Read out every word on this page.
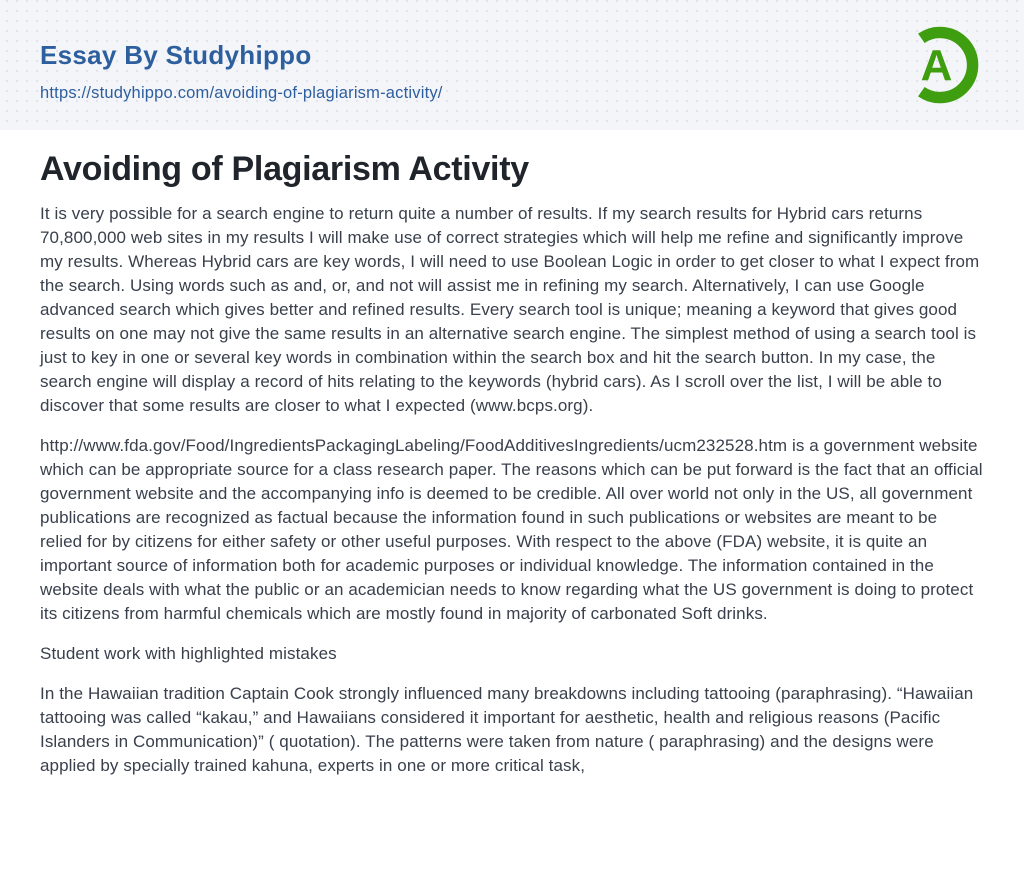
Essay By Studyhippo
https://studyhippo.com/avoiding-of-plagiarism-activity/
A
Avoiding of Plagiarism Activity

It is very possible for a search engine to return quite a number of results. If my search results for Hybrid cars returns 70,800,000 web sites in my results I will make use of correct strategies which will help me refine and significantly improve my results. Whereas Hybrid cars are key words, I will need to use Boolean Logic in order to get closer to what I expect from the search. Using words such as and, or, and not will assist me in refining my search. Alternatively, I can use Google advanced search which gives better and refined results. Every search tool is unique; meaning a keyword that gives good results on one may not give the same results in an alternative search engine. The simplest method of using a search tool is just to key in one or several key words in combination within the search box and hit the search button. In my case, the search engine will display a record of hits relating to the keywords (hybrid cars). As I scroll over the list, I will be able to discover that some results are closer to what I expected (www.bcps.org).

http://www.fda.gov/Food/IngredientsPackagingLabeling/FoodAdditivesIngredients/ucm232528.htm is a government website which can be appropriate source for a class research paper. The reasons which can be put forward is the fact that an official government website and the accompanying info is deemed to be credible. All over world not only in the US, all government publications are recognized as factual because the information found in such publications or websites are meant to be relied for by citizens for either safety or other useful purposes. With respect to the above (FDA) website, it is quite an important source of information both for academic purposes or individual knowledge. The information contained in the website deals with what the public or an academician needs to know regarding what the US government is doing to protect its citizens from harmful chemicals which are mostly found in majority of carbonated Soft drinks.

Student work with highlighted mistakes

In the Hawaiian tradition Captain Cook strongly influenced many breakdowns including tattooing (paraphrasing). “Hawaiian tattooing was called “kakau,” and Hawaiians considered it important for aesthetic, health and religious reasons (Pacific Islanders in Communication)” ( quotation). The patterns were taken from nature ( paraphrasing) and the designs were applied by specially trained kahuna, experts in one or more critical task,
